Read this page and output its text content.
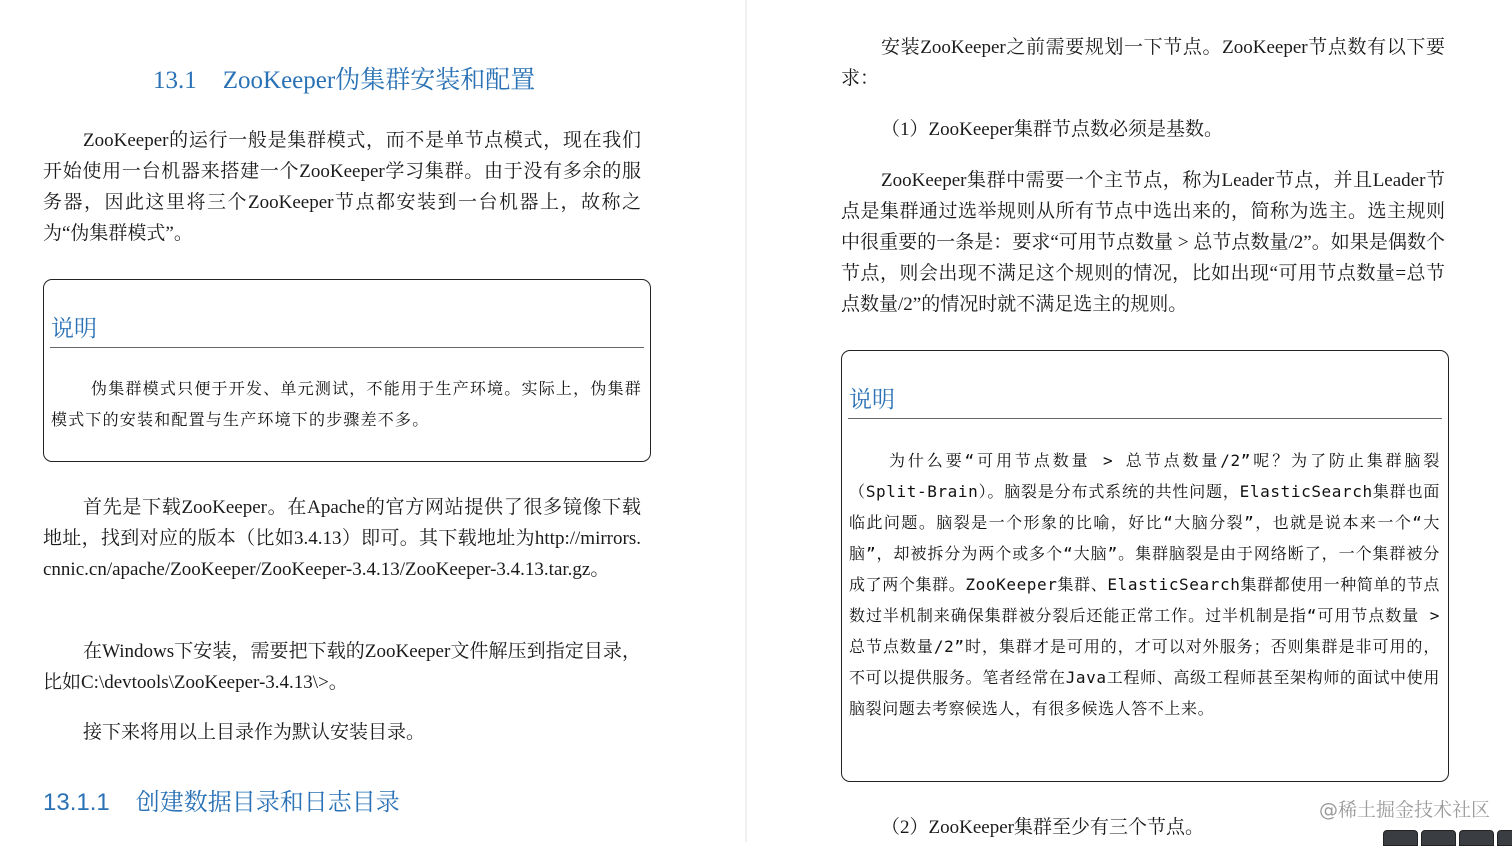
13.1 ZooKeeper伪集群安装和配置
ZooKeeper的运行一般是集群模式，而不是单节点模式，现在我们开始使用一台机器来搭建一个ZooKeeper学习集群。由于没有多余的服务器，因此这里将三个ZooKeeper节点都安装到一台机器上，故称之为“伪集群模式”。
说明
伪集群模式只便于开发、单元测试，不能用于生产环境。实际上，伪集群模式下的安装和配置与生产环境下的步骤差不多。
首先是下载ZooKeeper。在Apache的官方网站提供了很多镜像下载地址，找到对应的版本（比如3.4.13）即可。其下载地址为http://mirrors.cnnic.cn/apache/ZooKeeper/ZooKeeper-3.4.13/ZooKeeper-3.4.13.tar.gz。
在Windows下安装，需要把下载的ZooKeeper文件解压到指定目录，比如C:\devtools\ZooKeeper-3.4.13\>。
接下来将用以上目录作为默认安装目录。
13.1.1 创建数据目录和日志目录
安装ZooKeeper之前需要规划一下节点。ZooKeeper节点数有以下要求：
（1）ZooKeeper集群节点数必须是基数。
ZooKeeper集群中需要一个主节点，称为Leader节点，并且Leader节点是集群通过选举规则从所有节点中选出来的，简称为选主。选主规则中很重要的一条是：要求“可用节点数量 > 总节点数量/2”。如果是偶数个节点，则会出现不满足这个规则的情况，比如出现“可用节点数量=总节点数量/2”的情况时就不满足选主的规则。
说明
为什么要“可用节点数量 > 总节点数量/2”呢？为了防止集群脑裂（Split-Brain）。脑裂是分布式系统的共性问题，ElasticSearch集群也面临此问题。脑裂是一个形象的比喻，好比“大脑分裂”，也就是说本来一个“大脑”，却被拆分为两个或多个“大脑”。集群脑裂是由于网络断了，一个集群被分成了两个集群。ZooKeeper集群、ElasticSearch集群都使用一种简单的节点数过半机制来确保集群被分裂后还能正常工作。过半机制是指“可用节点数量 > 总节点数量/2”时，集群才是可用的，才可以对外服务；否则集群是非可用的，不可以提供服务。笔者经常在Java工程师、高级工程师甚至架构师的面试中使用脑裂问题去考察候选人，有很多候选人答不上来。
（2）ZooKeeper集群至少有三个节点。
@稀土掘金技术社区
